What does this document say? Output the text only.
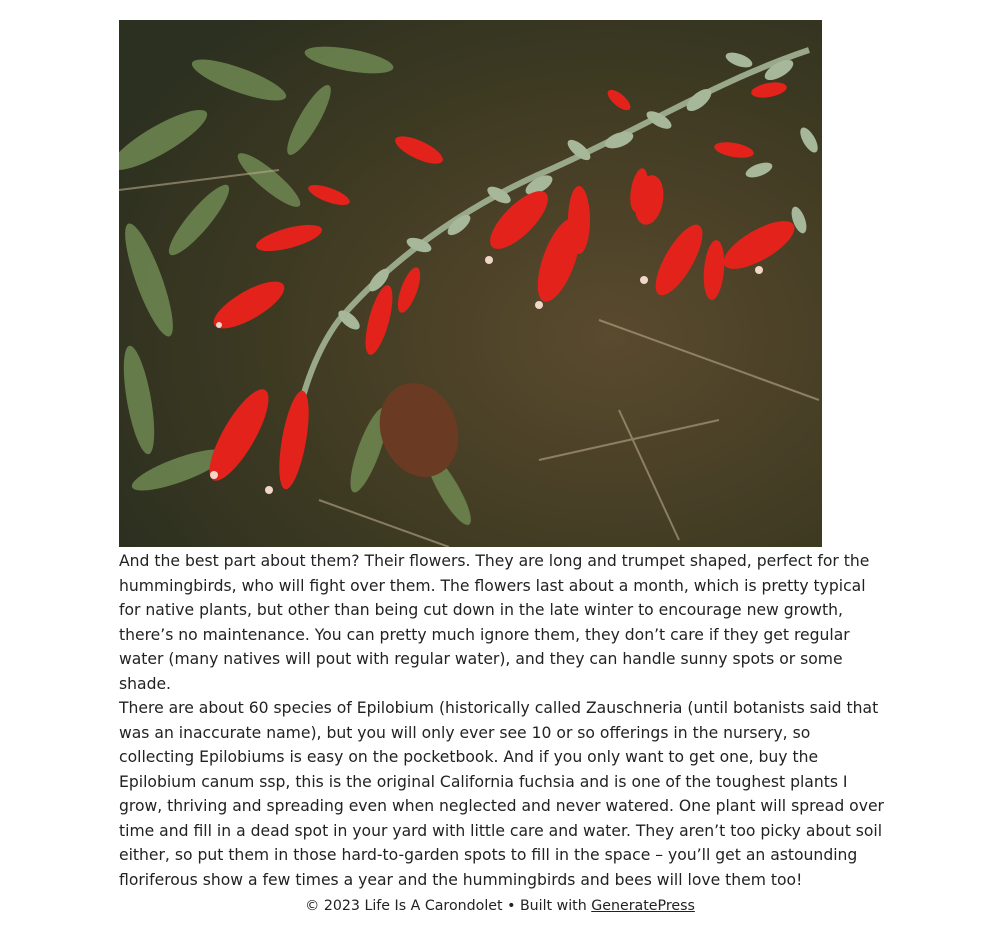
And the best part about them? Their flowers. They are long and trumpet shaped, perfect for the hummingbirds, who will fight over them. The flowers last about a month, which is pretty typical for native plants, but other than being cut down in the late winter to encourage new growth, there’s no maintenance. You can pretty much ignore them, they don’t care if they get regular water (many natives will pout with regular water), and they can handle sunny spots or some shade.

There are about 60 species of Epilobium (historically called Zauschneria (until botanists said that was an inaccurate name), but you will only ever see 10 or so offerings in the nursery, so collecting Epilobiums is easy on the pocketbook. And if you only want to get one, buy the Epilobium canum ssp, this is the original California fuchsia and is one of the toughest plants I grow, thriving and spreading even when neglected and never watered. One plant will spread over time and fill in a dead spot in your yard with little care and water. They aren’t too picky about soil either, so put them in those hard-to-garden spots to fill in the space – you’ll get an astounding floriferous show a few times a year and the hummingbirds and bees will love them too!

© 2023 Life Is A Carondolet • Built with GeneratePress
